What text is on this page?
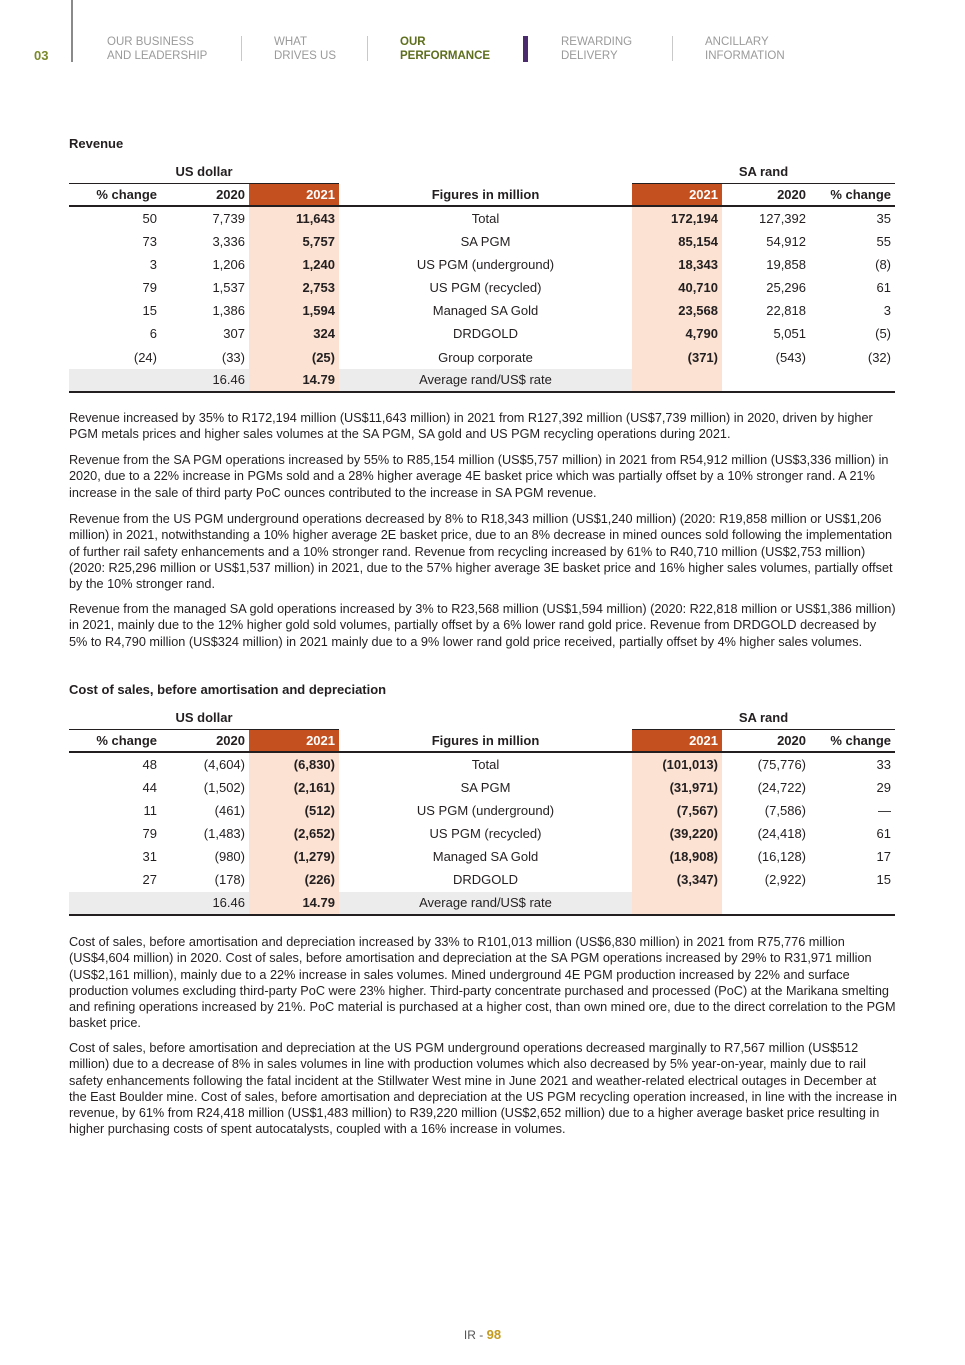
03
OUR BUSINESS
AND LEADERSHIP
WHAT
DRIVES US
OUR
PERFORMANCE
REWARDING
DELIVERY
ANCILLARY
INFORMATION
Revenue
US dollar				SA rand		
% change	2020	2021	Figures in million	2021	2020	% change
50	7,739	11,643	Total	172,194	127,392	35
73	3,336	5,757	SA PGM	85,154	54,912	55
3	1,206	1,240	US PGM (underground)	18,343	19,858	(8)
79	1,537	2,753	US PGM (recycled)	40,710	25,296	61
15	1,386	1,594	Managed SA Gold	23,568	22,818	3
6	307	324	DRDGOLD	4,790	5,051	(5)
(24)	(33)	(25)	Group corporate	(371)	(543)	(32)
	16.46	14.79	Average rand/US$ rate			
Revenue increased by 35% to R172,194 million (US$11,643 million) in 2021 from R127,392 million (US$7,739 million) in 2020, driven by higher PGM metals prices and higher sales volumes at the SA PGM, SA gold and US PGM recycling operations during 2021.
Revenue from the SA PGM operations increased by 55% to R85,154 million (US$5,757 million) in 2021 from R54,912 million (US$3,336 million) in 2020, due to a 22% increase in PGMs sold and a 28% higher average 4E basket price which was partially offset by a 10% stronger rand. A 21% increase in the sale of third party PoC ounces contributed to the increase in SA PGM revenue.
Revenue from the US PGM underground operations decreased by 8% to R18,343 million (US$1,240 million) (2020: R19,858 million or US$1,206 million) in 2021, notwithstanding a 10% higher average 2E basket price, due to an 8% decrease in mined ounces sold following the implementation of further rail safety enhancements and a 10% stronger rand. Revenue from recycling increased by 61% to R40,710 million (US$2,753 million) (2020: R25,296 million or US$1,537 million) in 2021, due to the 57% higher average 3E basket price and 16% higher sales volumes, partially offset by the 10% stronger rand.
Revenue from the managed SA gold operations increased by 3% to R23,568 million (US$1,594 million) (2020: R22,818 million or US$1,386 million) in 2021, mainly due to the 12% higher gold sold volumes, partially offset by a 6% lower rand gold price. Revenue from DRDGOLD decreased by 5% to R4,790 million (US$324 million) in 2021 mainly due to a 9% lower rand gold price received, partially offset by 4% higher sales volumes.
Cost of sales, before amortisation and depreciation
US dollar				SA rand		
% change	2020	2021	Figures in million	2021	2020	% change
48	(4,604)	(6,830)	Total	(101,013)	(75,776)	33
44	(1,502)	(2,161)	SA PGM	(31,971)	(24,722)	29
11	(461)	(512)	US PGM (underground)	(7,567)	(7,586)	—
79	(1,483)	(2,652)	US PGM (recycled)	(39,220)	(24,418)	61
31	(980)	(1,279)	Managed SA Gold	(18,908)	(16,128)	17
27	(178)	(226)	DRDGOLD	(3,347)	(2,922)	15
	16.46	14.79	Average rand/US$ rate			
Cost of sales, before amortisation and depreciation increased by 33% to R101,013 million (US$6,830 million) in 2021 from R75,776 million (US$4,604 million) in 2020. Cost of sales, before amortisation and depreciation at the SA PGM operations increased by 29% to R31,971 million (US$2,161 million), mainly due to a 22% increase in sales volumes. Mined underground 4E PGM production increased by 22% and surface production volumes excluding third-party PoC were 23% higher. Third-party concentrate purchased and processed (PoC) at the Marikana smelting and refining operations increased by 21%. PoC material is purchased at a higher cost, than own mined ore, due to the direct correlation to the PGM basket price.
Cost of sales, before amortisation and depreciation at the US PGM underground operations decreased marginally to R7,567 million (US$512 million) due to a decrease of 8% in sales volumes in line with production volumes which also decreased by 5% year-on-year, mainly due to rail safety enhancements following the fatal incident at the Stillwater West mine in June 2021 and weather-related electrical outages in December at the East Boulder mine. Cost of sales, before amortisation and depreciation at the US PGM recycling operation increased, in line with the increase in revenue, by 61% from R24,418 million (US$1,483 million) to R39,220 million (US$2,652 million) due to a higher average basket price resulting in higher purchasing costs of spent autocatalysts, coupled with a 16% increase in volumes.
IR - 98
